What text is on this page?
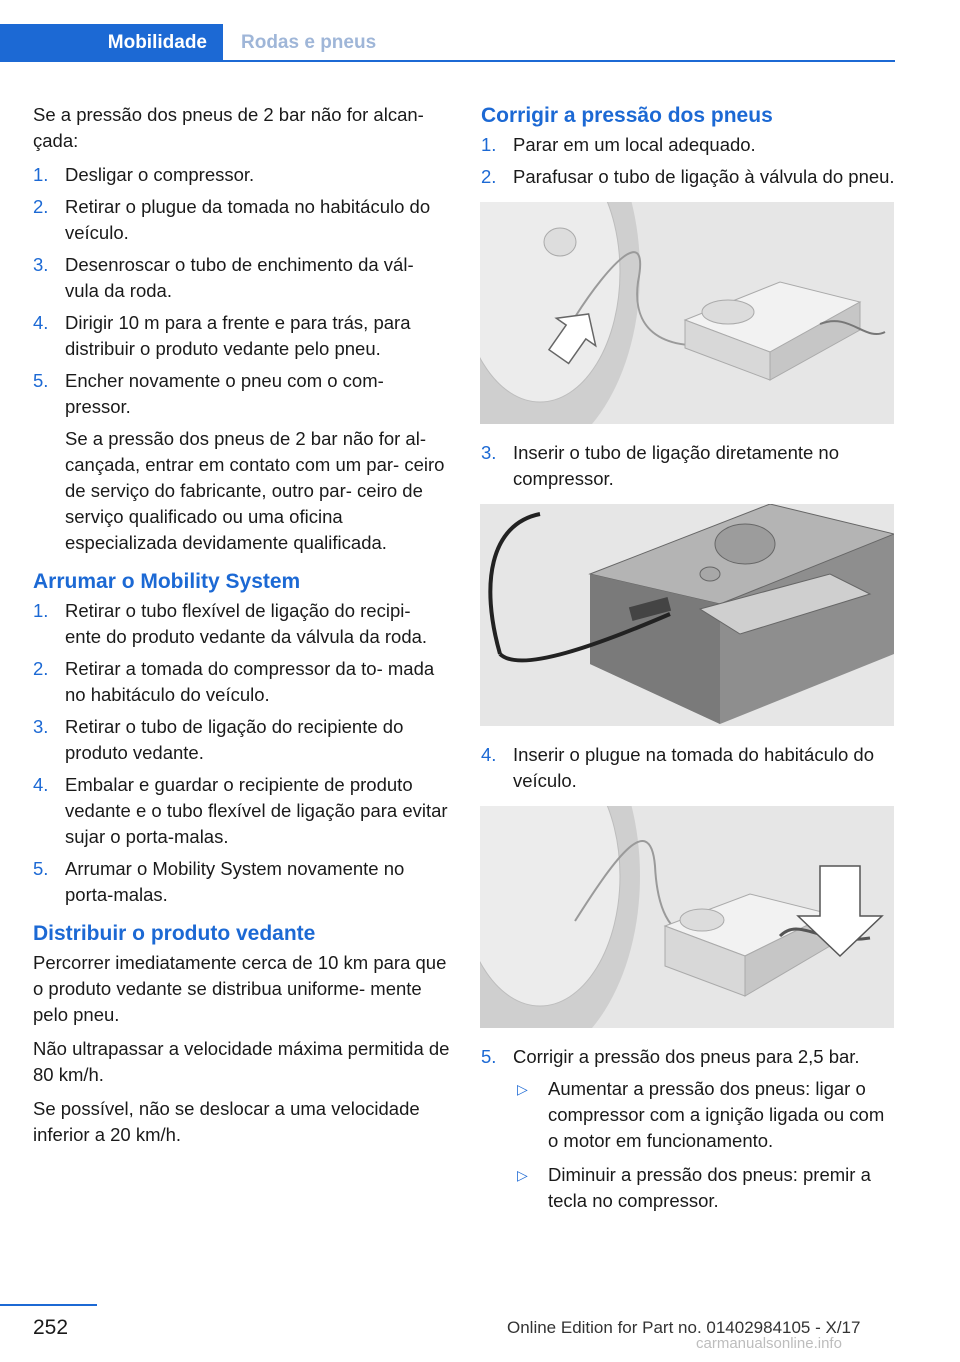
Mobilidade	Rodas e pneus

Se a pressão dos pneus de 2 bar não for alcan- çada:

1. Desligar o compressor.
2. Retirar o plugue da tomada no habitáculo do veículo.
3. Desenroscar o tubo de enchimento da vál- vula da roda.
4. Dirigir 10 m para a frente e para trás, para distribuir o produto vedante pelo pneu.
5. Encher novamente o pneu com o com- pressor.
Se a pressão dos pneus de 2 bar não for al- cançada, entrar em contato com um par- ceiro de serviço do fabricante, outro par- ceiro de serviço qualificado ou uma oficina especializada devidamente qualificada.
Arrumar o Mobility System
1. Retirar o tubo flexível de ligação do recipi- ente do produto vedante da válvula da roda.
2. Retirar a tomada do compressor da to- mada no habitáculo do veículo.
3. Retirar o tubo de ligação do recipiente do produto vedante.
4. Embalar e guardar o recipiente de produto vedante e o tubo flexível de ligação para evitar sujar o porta-malas.
5. Arrumar o Mobility System novamente no porta-malas.
Distribuir o produto vedante

Percorrer imediatamente cerca de 10 km para que o produto vedante se distribua uniforme- mente pelo pneu.

Não ultrapassar a velocidade máxima permitida de 80 km/h.

Se possível, não se deslocar a uma velocidade inferior a 20 km/h.

Corrigir a pressão dos pneus
1. Parar em um local adequado.
2. Parafusar o tubo de ligação à válvula do pneu.
3. Inserir o tubo de ligação diretamente no compressor.
4. Inserir o plugue na tomada do habitáculo do veículo.
5. Corrigir a pressão dos pneus para 2,5 bar.
▷ Aumentar a pressão dos pneus: ligar o compressor com a ignição ligada ou com o motor em funcionamento.
▷ Diminuir a pressão dos pneus: premir a tecla no compressor.
252	Online Edition for Part no. 01402984105 - X/17
carmanualsonline.info
